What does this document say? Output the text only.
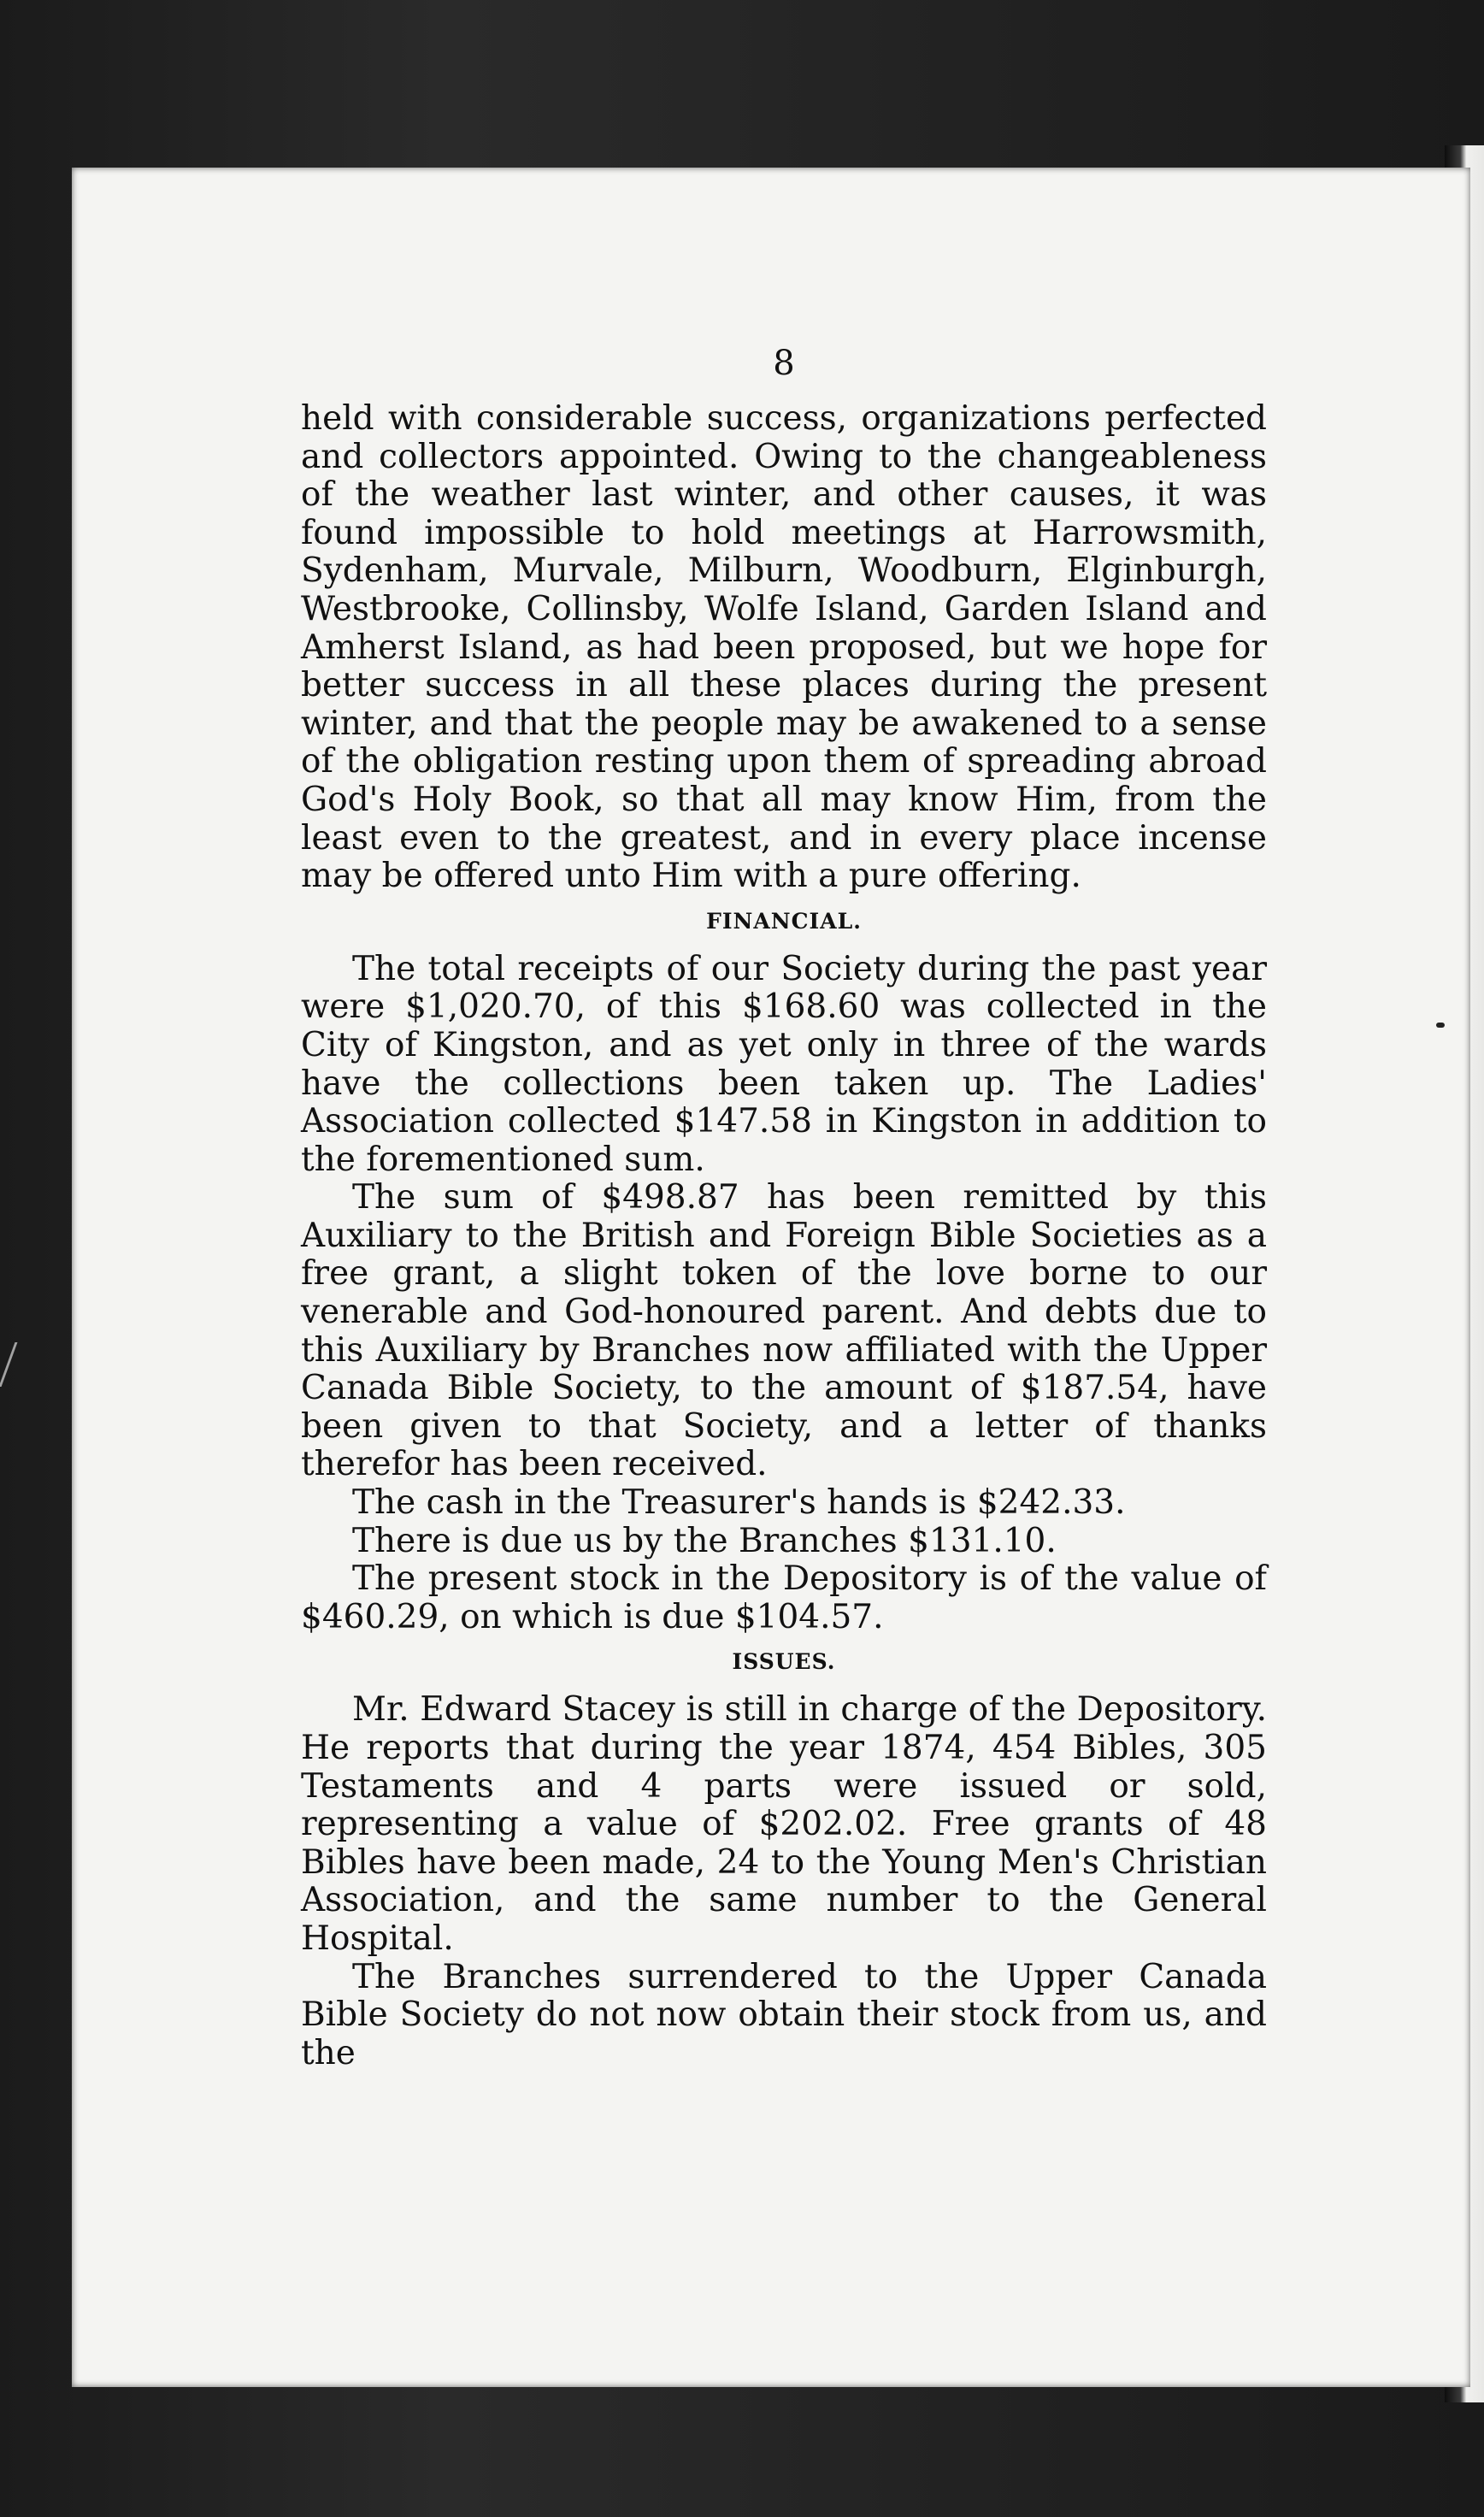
8

held with considerable success, organizations perfected and collectors appointed. Owing to the changeableness of the weather last winter, and other causes, it was found impossible to hold meetings at Harrowsmith, Sydenham, Murvale, Milburn, Woodburn, Elginburgh, Westbrooke, Collinsby, Wolfe Island, Garden Island and Amherst Island, as had been proposed, but we hope for better success in all these places during the present winter, and that the people may be awakened to a sense of the obligation resting upon them of spreading abroad God's Holy Book, so that all may know Him, from the least even to the greatest, and in every place incense may be offered unto Him with a pure offering.

FINANCIAL.

The total receipts of our Society during the past year were $1,020.70, of this $168.60 was collected in the City of Kingston, and as yet only in three of the wards have the collections been taken up. The Ladies' Association collected $147.58 in Kingston in addition to the forementioned sum.

The sum of $498.87 has been remitted by this Auxiliary to the British and Foreign Bible Societies as a free grant, a slight token of the love borne to our venerable and God-honoured parent. And debts due to this Auxiliary by Branches now affiliated with the Upper Canada Bible Society, to the amount of $187.54, have been given to that Society, and a letter of thanks therefor has been received.

The cash in the Treasurer's hands is $242.33.

There is due us by the Branches $131.10.

The present stock in the Depository is of the value of $460.29, on which is due $104.57.

ISSUES.

Mr. Edward Stacey is still in charge of the Depository. He reports that during the year 1874, 454 Bibles, 305 Testaments and 4 parts were issued or sold, representing a value of $202.02. Free grants of 48 Bibles have been made, 24 to the Young Men's Christian Association, and the same number to the General Hospital.

The Branches surrendered to the Upper Canada Bible Society do not now obtain their stock from us, and the
